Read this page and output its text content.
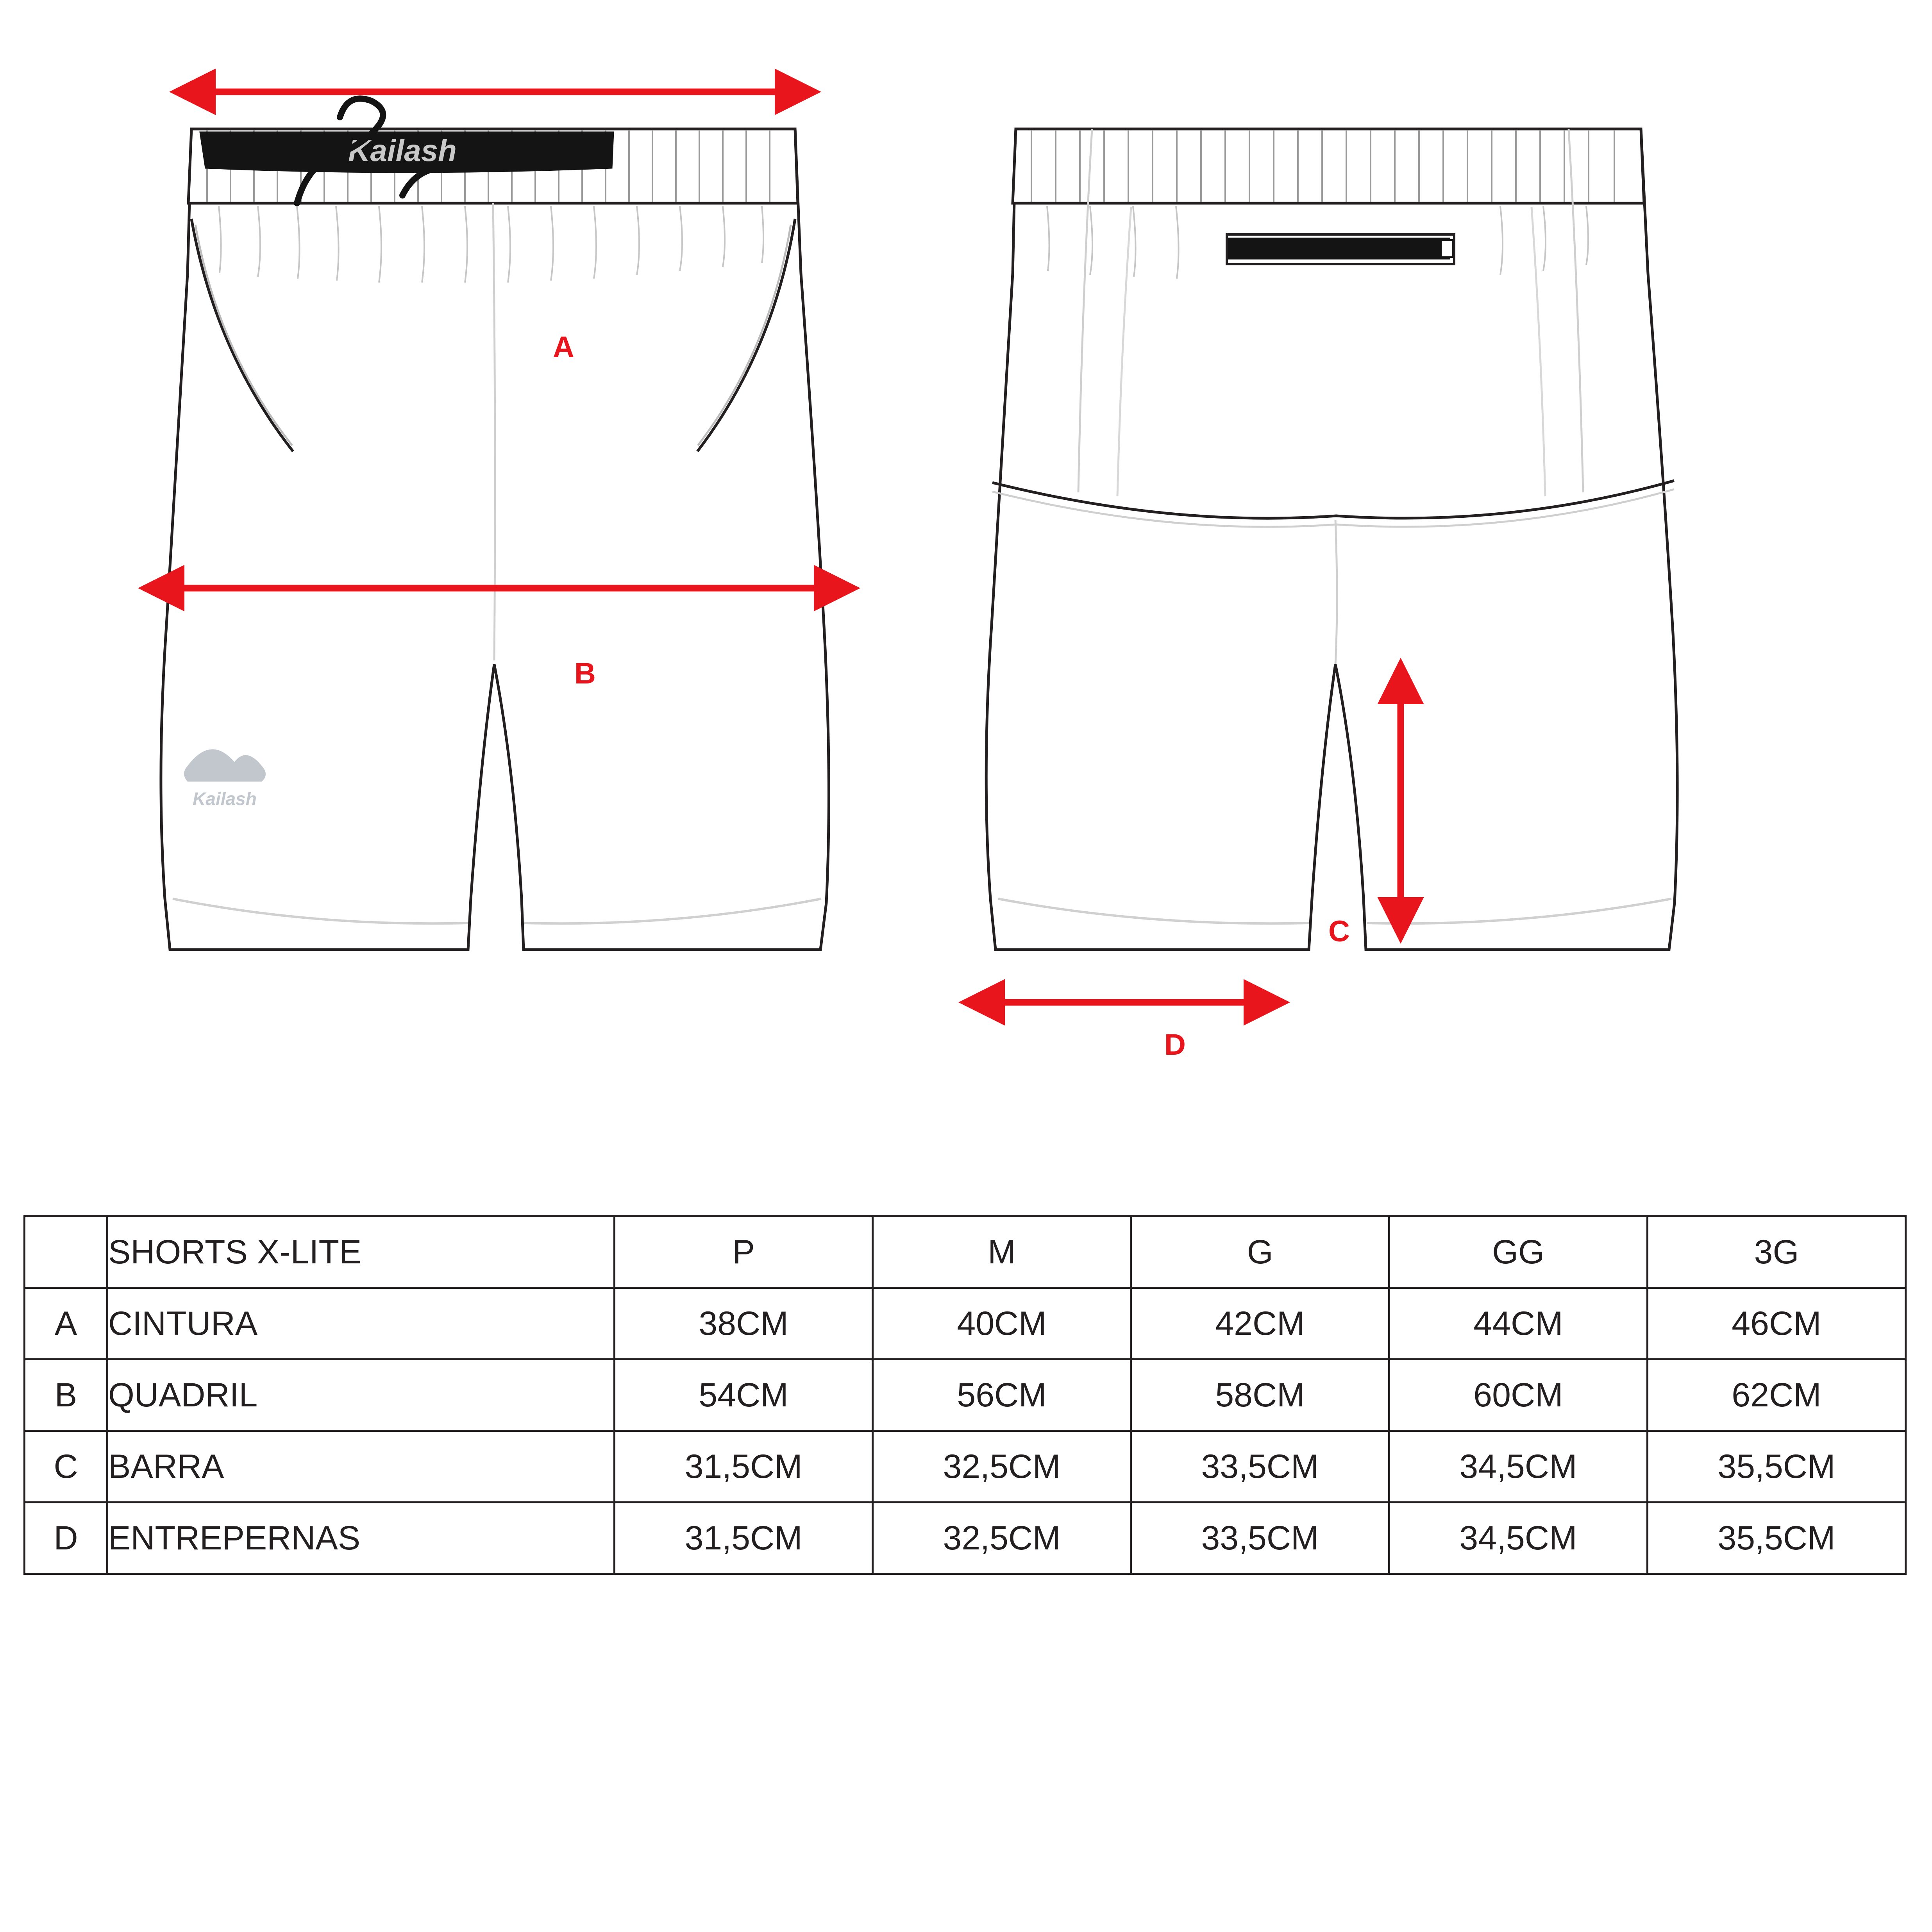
Kailash
Kailash
A
B
C
D
	SHORTS X-LITE	P	M	G	GG	3G
A	CINTURA	38CM	40CM	42CM	44CM	46CM
B	QUADRIL	54CM	56CM	58CM	60CM	62CM
C	BARRA	31,5CM	32,5CM	33,5CM	34,5CM	35,5CM
D	ENTREPERNAS	31,5CM	32,5CM	33,5CM	34,5CM	35,5CM
